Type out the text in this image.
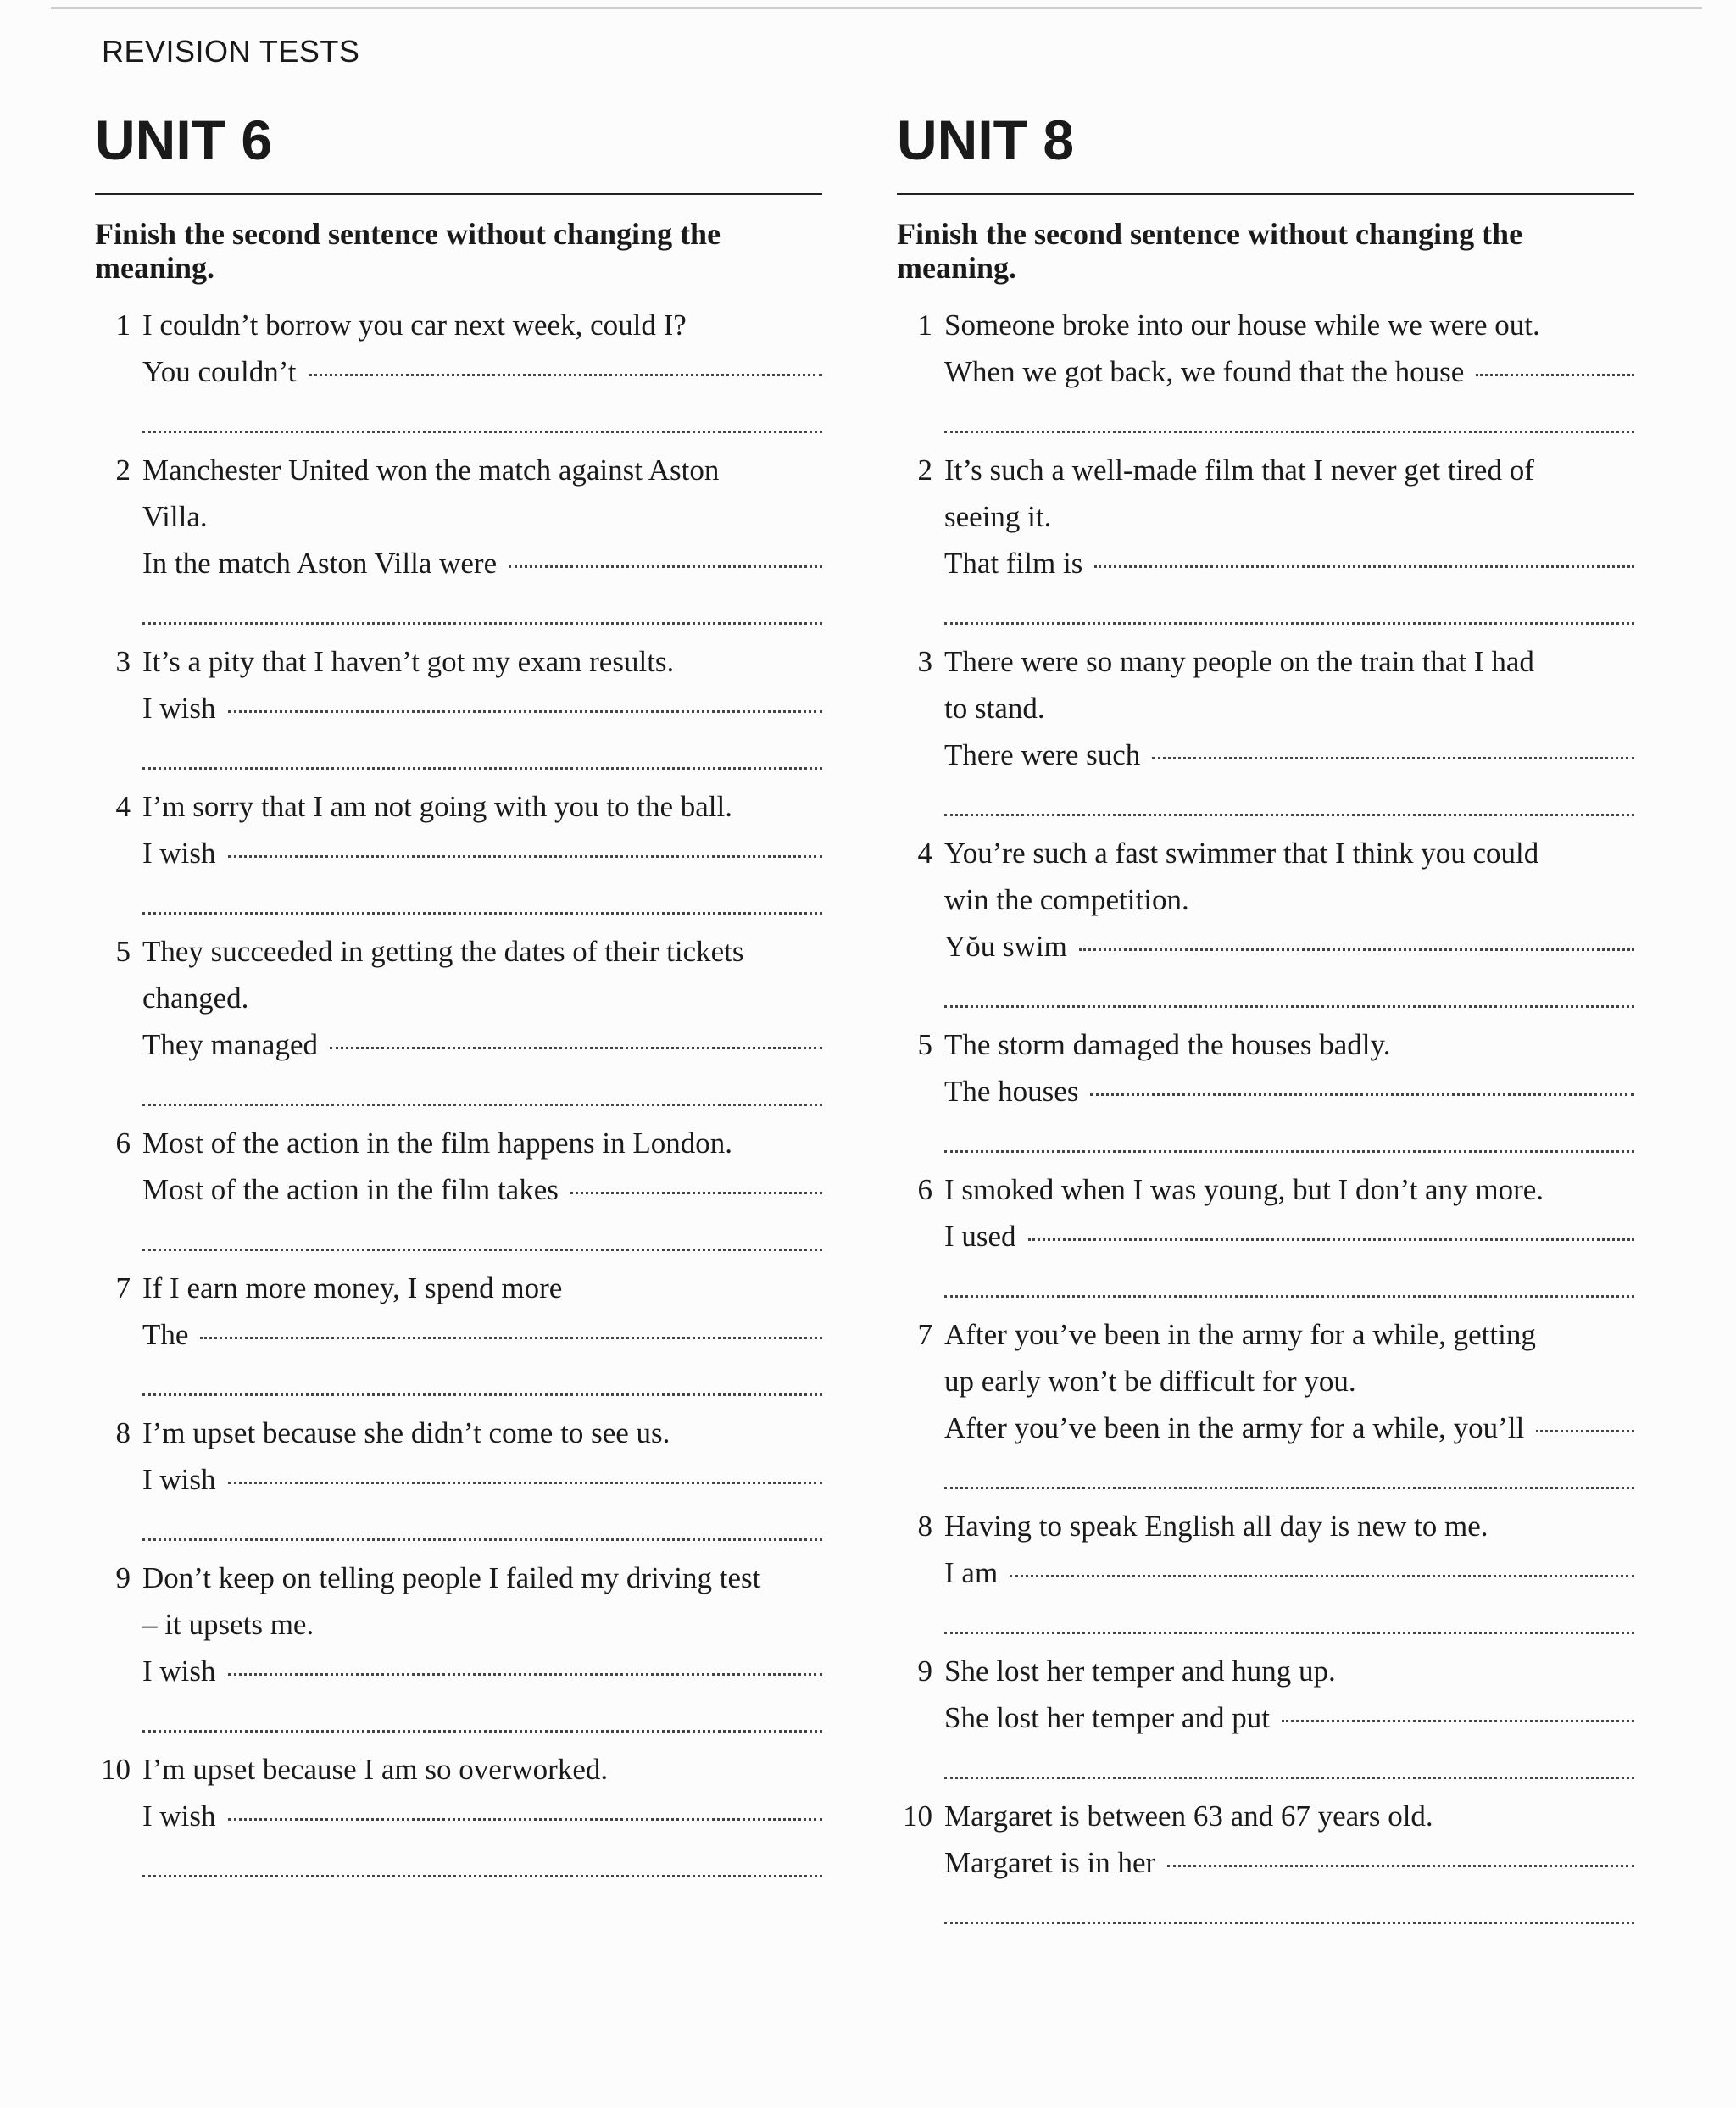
REVISION TESTS
UNIT 6
Finish the second sentence without changing the meaning.
1 I couldn’t borrow you car next week, could I?
You couldn’t
2 Manchester United won the match against Aston
Villa.
In the match Aston Villa were
3 It’s a pity that I haven’t got my exam results.
I wish
4 I’m sorry that I am not going with you to the ball.
I wish
5 They succeeded in getting the dates of their tickets
changed.
They managed
6 Most of the action in the film happens in London.
Most of the action in the film takes
7 If I earn more money, I spend more
The
8 I’m upset because she didn’t come to see us.
I wish
9 Don’t keep on telling people I failed my driving test
– it upsets me.
I wish
10 I’m upset because I am so overworked.
I wish
UNIT 8
Finish the second sentence without changing the meaning.
1 Someone broke into our house while we were out.
When we got back, we found that the house
2 It’s such a well-made film that I never get tired of
seeing it.
That film is
3 There were so many people on the train that I had
to stand.
There were such
4 You’re such a fast swimmer that I think you could
win the competition.
Yŏu swim
5 The storm damaged the houses badly.
The houses
6 I smoked when I was young, but I don’t any more.
I used
7 After you’ve been in the army for a while, getting
up early won’t be difficult for you.
After you’ve been in the army for a while, you’ll
8 Having to speak English all day is new to me.
I am
9 She lost her temper and hung up.
She lost her temper and put
10 Margaret is between 63 and 67 years old.
Margaret is in her
